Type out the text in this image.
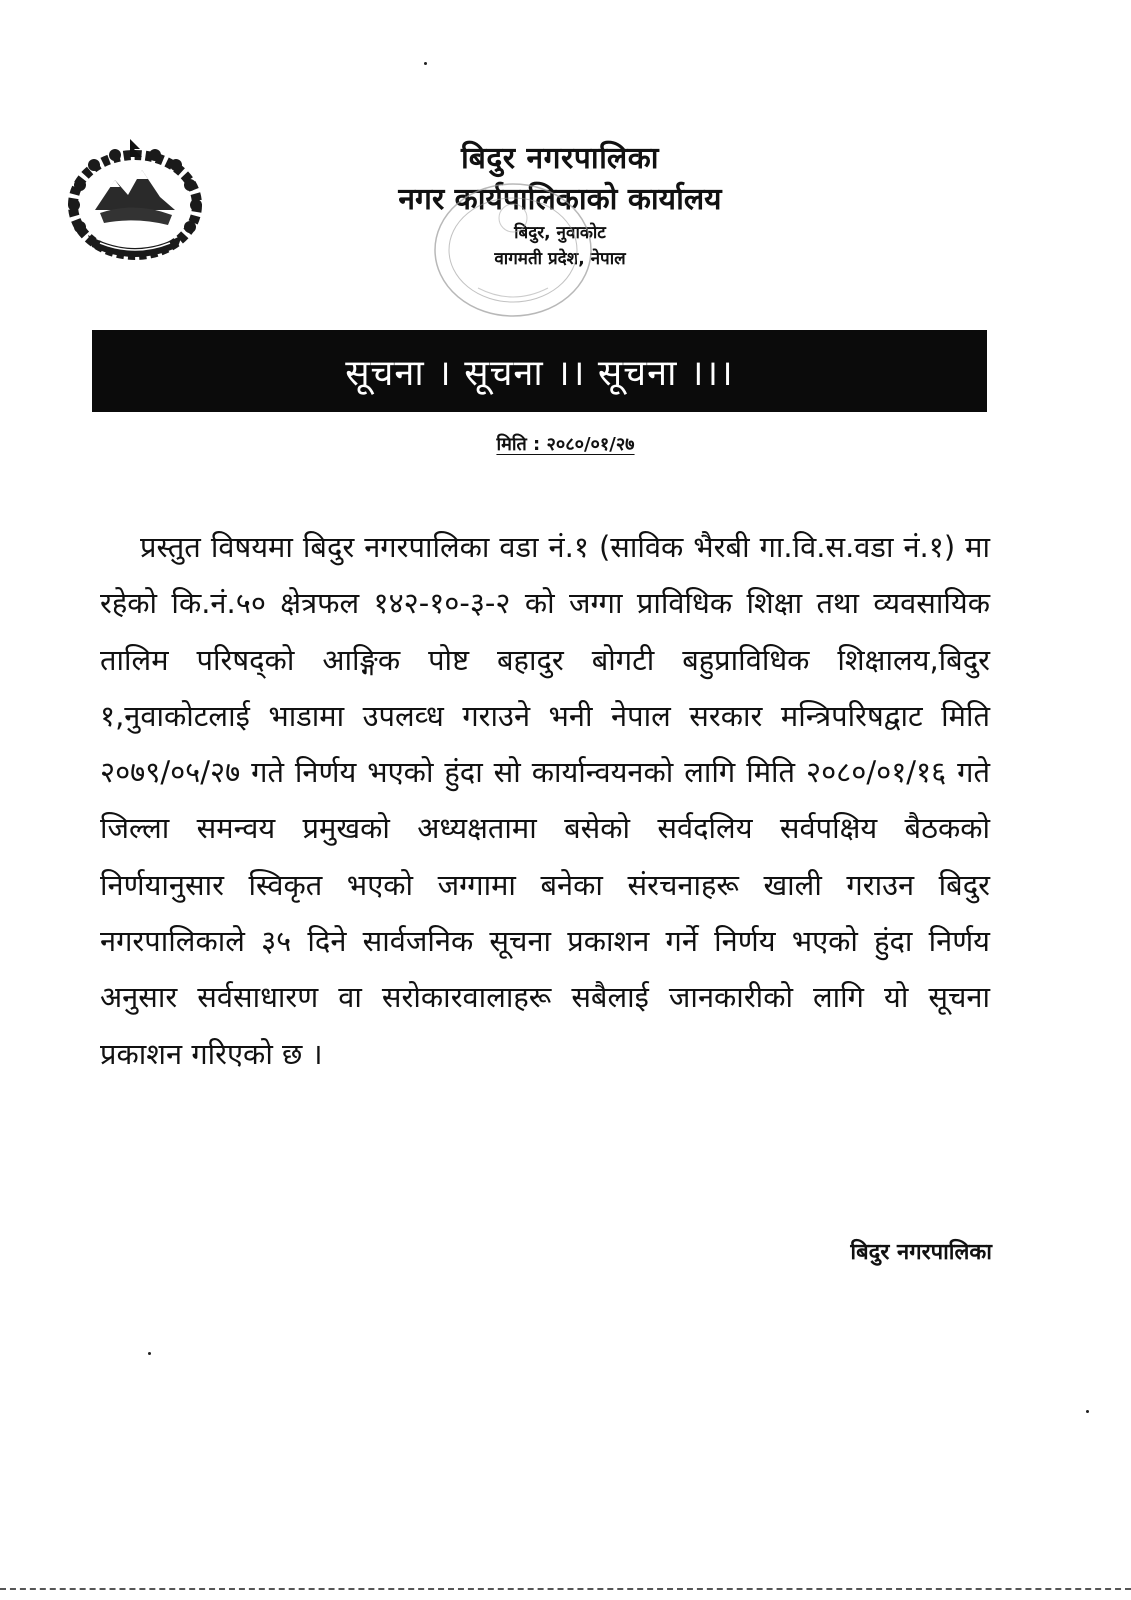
बिदुर नगरपालिका
नगर कार्यपालिकाको कार्यालय
बिदुर, नुवाकोट
वागमती प्रदेश, नेपाल
सूचना । सूचना ।। सूचना ।।।
मिति : २०८०/०१/२७

प्रस्तुत विषयमा बिदुर नगरपालिका वडा नं.१ (साविक भैरबी गा.वि.स.वडा नं.१) मा रहेको कि.नं.५० क्षेत्रफल १४२-१०-३-२ को जग्गा प्राविधिक शिक्षा तथा व्यवसायिक तालिम परिषद्को आङ्गिक पोष्ट बहादुर बोगटी बहुप्राविधिक शिक्षालय,बिदुर १,नुवाकोटलाई भाडामा उपलव्ध गराउने भनी नेपाल सरकार मन्त्रिपरिषद्वाट मिति २०७९/०५/२७ गते निर्णय भएको हुंदा सो कार्यान्वयनको लागि मिति २०८०/०१/१६ गते जिल्ला समन्वय प्रमुखको अध्यक्षतामा बसेको सर्वदलिय सर्वपक्षिय बैठकको निर्णयानुसार स्विकृत भएको जग्गामा बनेका संरचनाहरू खाली गराउन बिदुर नगरपालिकाले ३५ दिने सार्वजनिक सूचना प्रकाशन गर्ने निर्णय भएको हुंदा निर्णय अनुसार सर्वसाधारण वा सरोकारवालाहरू सबैलाई जानकारीको लागि यो सूचना प्रकाशन गरिएको छ ।

बिदुर नगरपालिका
